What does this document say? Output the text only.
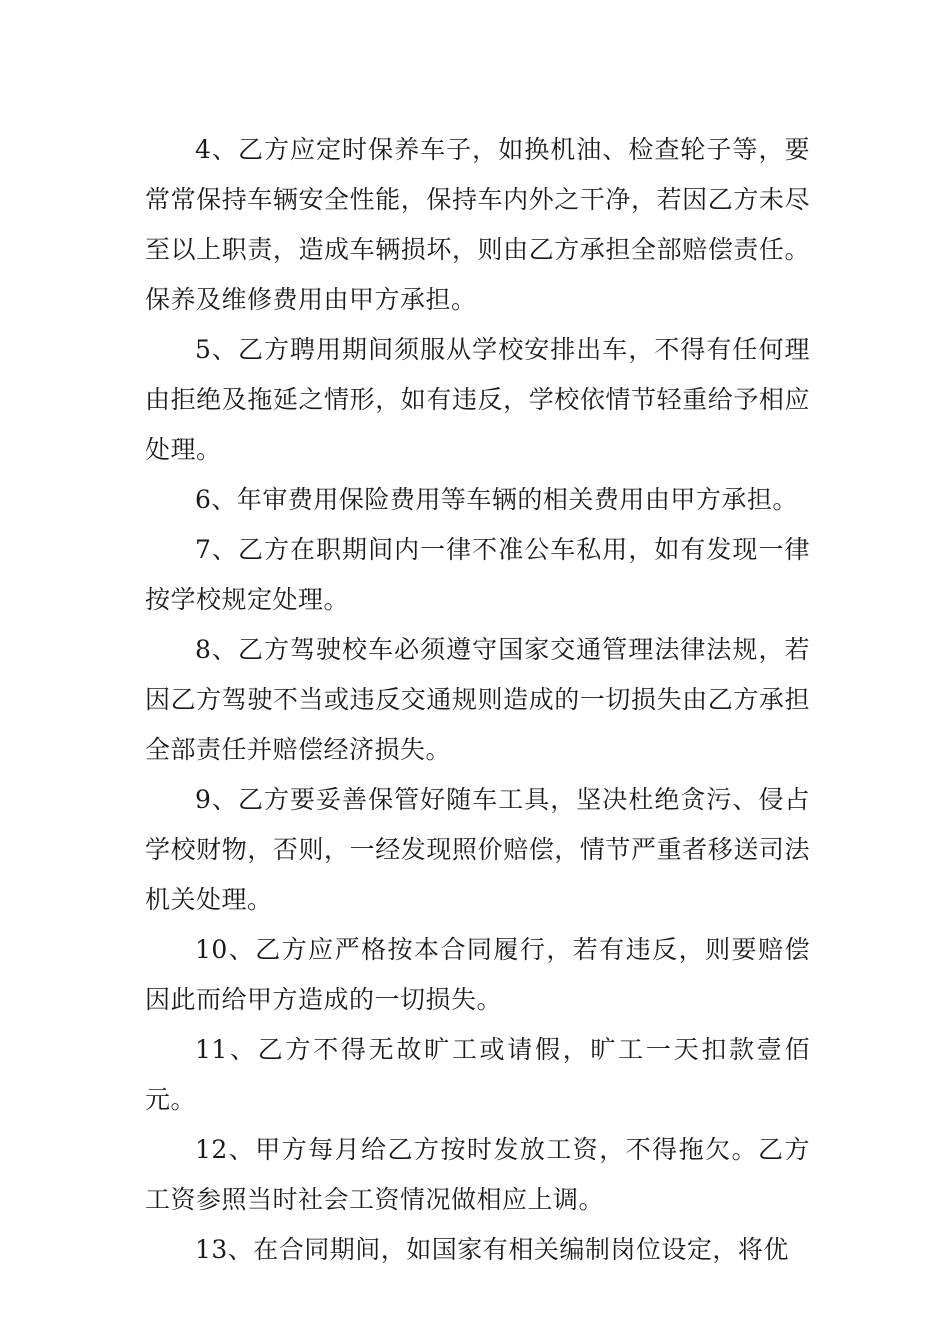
4、乙方应定时保养车子，如换机油、检查轮子等，要常常保持车辆安全性能，保持车内外之干净，若因乙方未尽至以上职责，造成车辆损坏，则由乙方承担全部赔偿责任。保养及维修费用由甲方承担。

5、乙方聘用期间须服从学校安排出车，不得有任何理由拒绝及拖延之情形，如有违反，学校依情节轻重给予相应处理。

6、年审费用保险费用等车辆的相关费用由甲方承担。

7、乙方在职期间内一律不准公车私用，如有发现一律按学校规定处理。

8、乙方驾驶校车必须遵守国家交通管理法律法规，若因乙方驾驶不当或违反交通规则造成的一切损失由乙方承担全部责任并赔偿经济损失。

9、乙方要妥善保管好随车工具，坚决杜绝贪污、侵占学校财物，否则，一经发现照价赔偿，情节严重者移送司法机关处理。

10、乙方应严格按本合同履行，若有违反，则要赔偿因此而给甲方造成的一切损失。

11、乙方不得无故旷工或请假，旷工一天扣款壹佰元。

12、甲方每月给乙方按时发放工资，不得拖欠。乙方工资参照当时社会工资情况做相应上调。

13、在合同期间，如国家有相关编制岗位设定，将优
